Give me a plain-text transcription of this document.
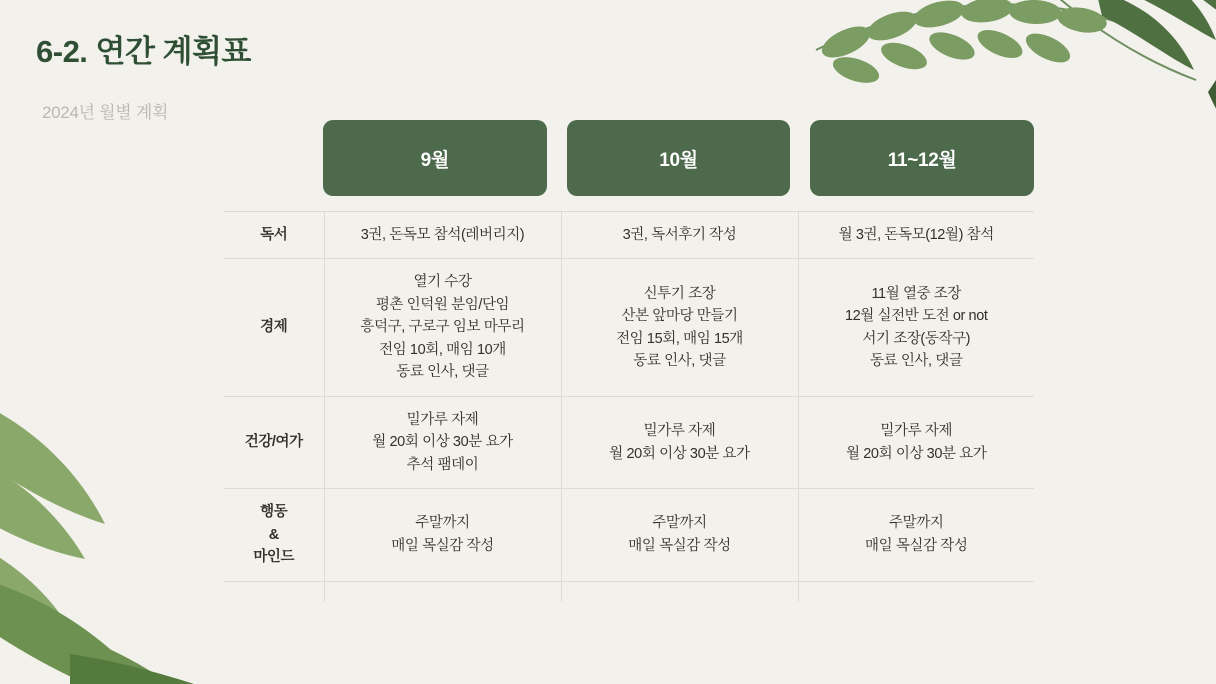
6-2. 연간 계획표
2024년 월별 계획
9월	10월	11~12월
독서	3권, 돈독모 참석(레버리지)	3권, 독서후기 작성	월 3권, 돈독모(12월) 참석

경제	열기 수강
평촌 인덕원 분임/단임
흥덕구, 구로구 임보 마무리
전임 10회, 매임 10개
동료 인사, 댓글	신투기 조장
산본 앞마당 만들기
전임 15회, 매임 15개
동료 인사, 댓글	11월 열중 조장
12월 실전반 도전 or not
서기 조장(동작구)
동료 인사, 댓글

건강/여가	밀가루 자제
월 20회 이상 30분 요가
추석 팸데이	밀가루 자제
월 20회 이상 30분 요가	밀가루 자제
월 20회 이상 30분 요가

행동
&
마인드	주말까지
매일 목실감 작성	주말까지
매일 목실감 작성	주말까지
매일 목실감 작성
